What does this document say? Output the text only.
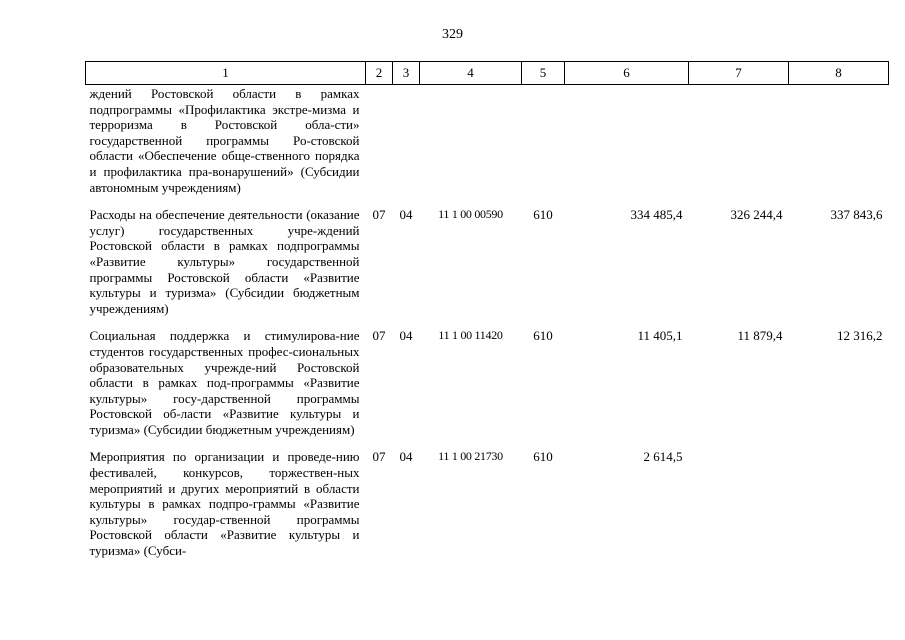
329
1	2	3	4	5	6	7	8
ждений Ростовской области в рамках подпрограммы «Профилактика экстре-мизма и терроризма в Ростовской обла-сти» государственной программы Ро-стовской области «Обеспечение обще-ственного порядка и профилактика пра-вонарушений» (Субсидии автономным учреждениям)							
Расходы на обеспечение деятельности (оказание услуг) государственных учре-ждений Ростовской области в рамках подпрограммы «Развитие культуры» государственной программы Ростовской области «Развитие культуры и туризма» (Субсидии бюджетным учреждениям)	07	04	11 1 00 00590	610	334 485,4	326 244,4	337 843,6
Социальная поддержка и стимулирова-ние студентов государственных профес-сиональных образовательных учрежде-ний Ростовской области в рамках под-программы «Развитие культуры» госу-дарственной программы Ростовской об-ласти «Развитие культуры и туризма» (Субсидии бюджетным учреждениям)	07	04	11 1 00 11420	610	11 405,1	11 879,4	12 316,2
Мероприятия по организации и проведе-нию фестивалей, конкурсов, торжествен-ных мероприятий и других мероприятий в области культуры в рамках подпро-граммы «Развитие культуры» государ-ственной программы Ростовской области «Развитие культуры и туризма» (Субси-	07	04	11 1 00 21730	610	2 614,5		
